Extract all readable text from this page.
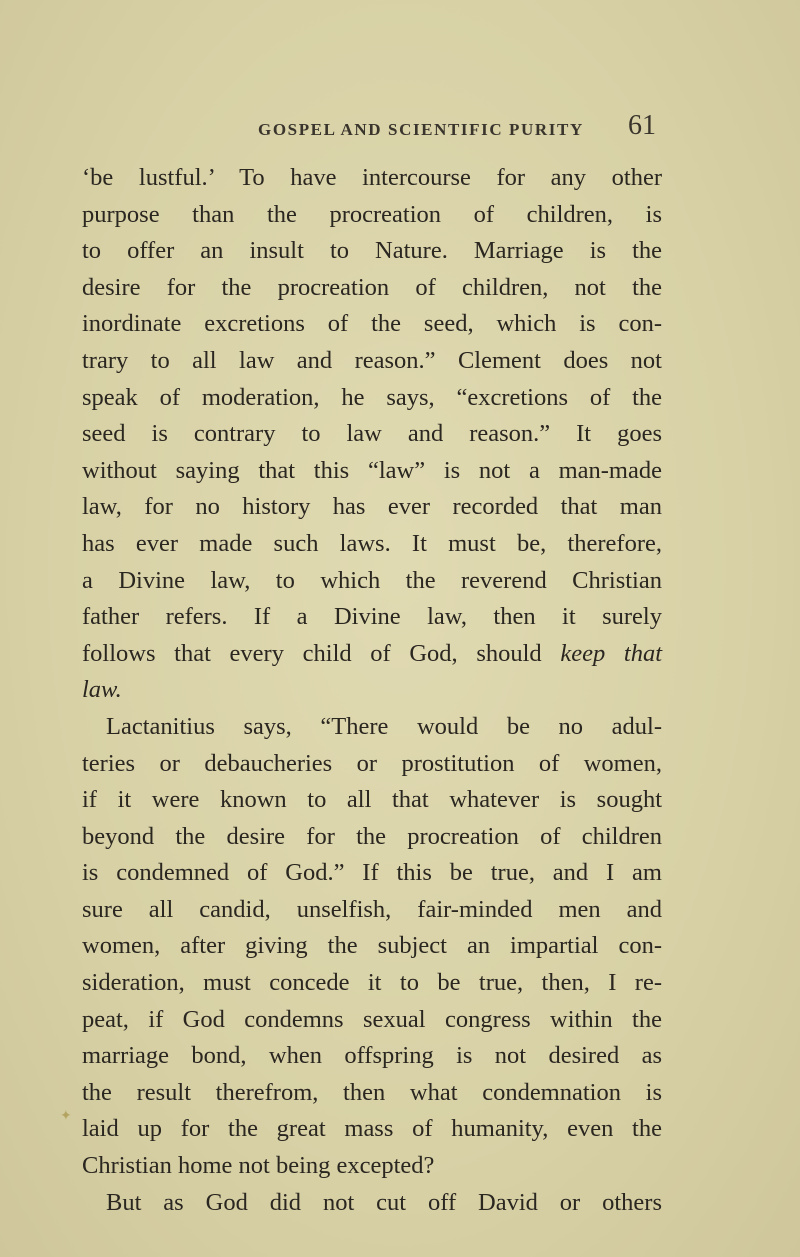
GOSPEL AND SCIENTIFIC PURITY 61
‘be lustful.’ To have intercourse for any other
purpose than the procreation of children, is
to offer an insult to Nature. Marriage is the
desire for the procreation of children, not the
inordinate excretions of the seed, which is con-
trary to all law and reason.” Clement does not
speak of moderation, he says, “excretions of the
seed is contrary to law and reason.” It goes
without saying that this “law” is not a man-made
law, for no history has ever recorded that man
has ever made such laws. It must be, therefore,
a Divine law, to which the reverend Christian
father refers. If a Divine law, then it surely
follows that every child of God, should keep that
law.
Lactanitius says, “There would be no adul-
teries or debaucheries or prostitution of women,
if it were known to all that whatever is sought
beyond the desire for the procreation of children
is condemned of God.” If this be true, and I am
sure all candid, unselfish, fair-minded men and
women, after giving the subject an impartial con-
sideration, must concede it to be true, then, I re-
peat, if God condemns sexual congress within the
marriage bond, when offspring is not desired as
the result therefrom, then what condemnation is
laid up for the great mass of humanity, even the
Christian home not being excepted?
But as God did not cut off David or others
✦
